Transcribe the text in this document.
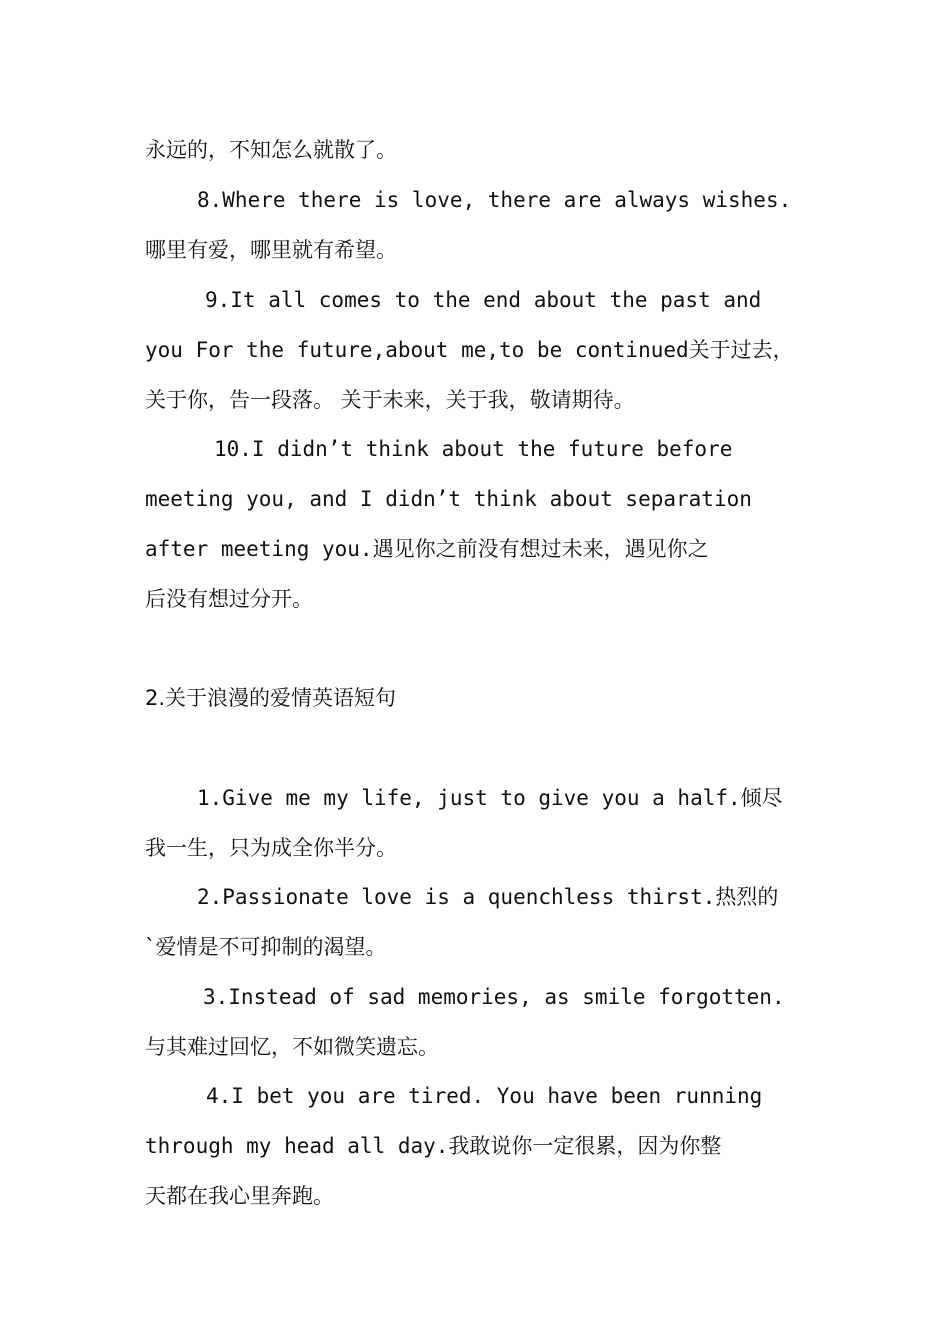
永远的，不知怎么就散了。
8.Where there is love, there are always wishes.
哪里有爱，哪里就有希望。
9.It all comes to the end about the past and
you For the future,about me,to be continued关于过去，
关于你，告一段落。 关于未来，关于我，敬请期待。
10.I didn’t think about the future before
meeting you, and I didn’t think about separation
after meeting you.遇见你之前没有想过未来，遇见你之
后没有想过分开。
2.关于浪漫的爱情英语短句
1.Give me my life, just to give you a half.倾尽
我一生，只为成全你半分。
2.Passionate love is a quenchless thirst.热烈的
`爱情是不可抑制的渴望。
3.Instead of sad memories, as smile forgotten.
与其难过回忆，不如微笑遗忘。
4.I bet you are tired. You have been running
through my head all day.我敢说你一定很累，因为你整
天都在我心里奔跑。
